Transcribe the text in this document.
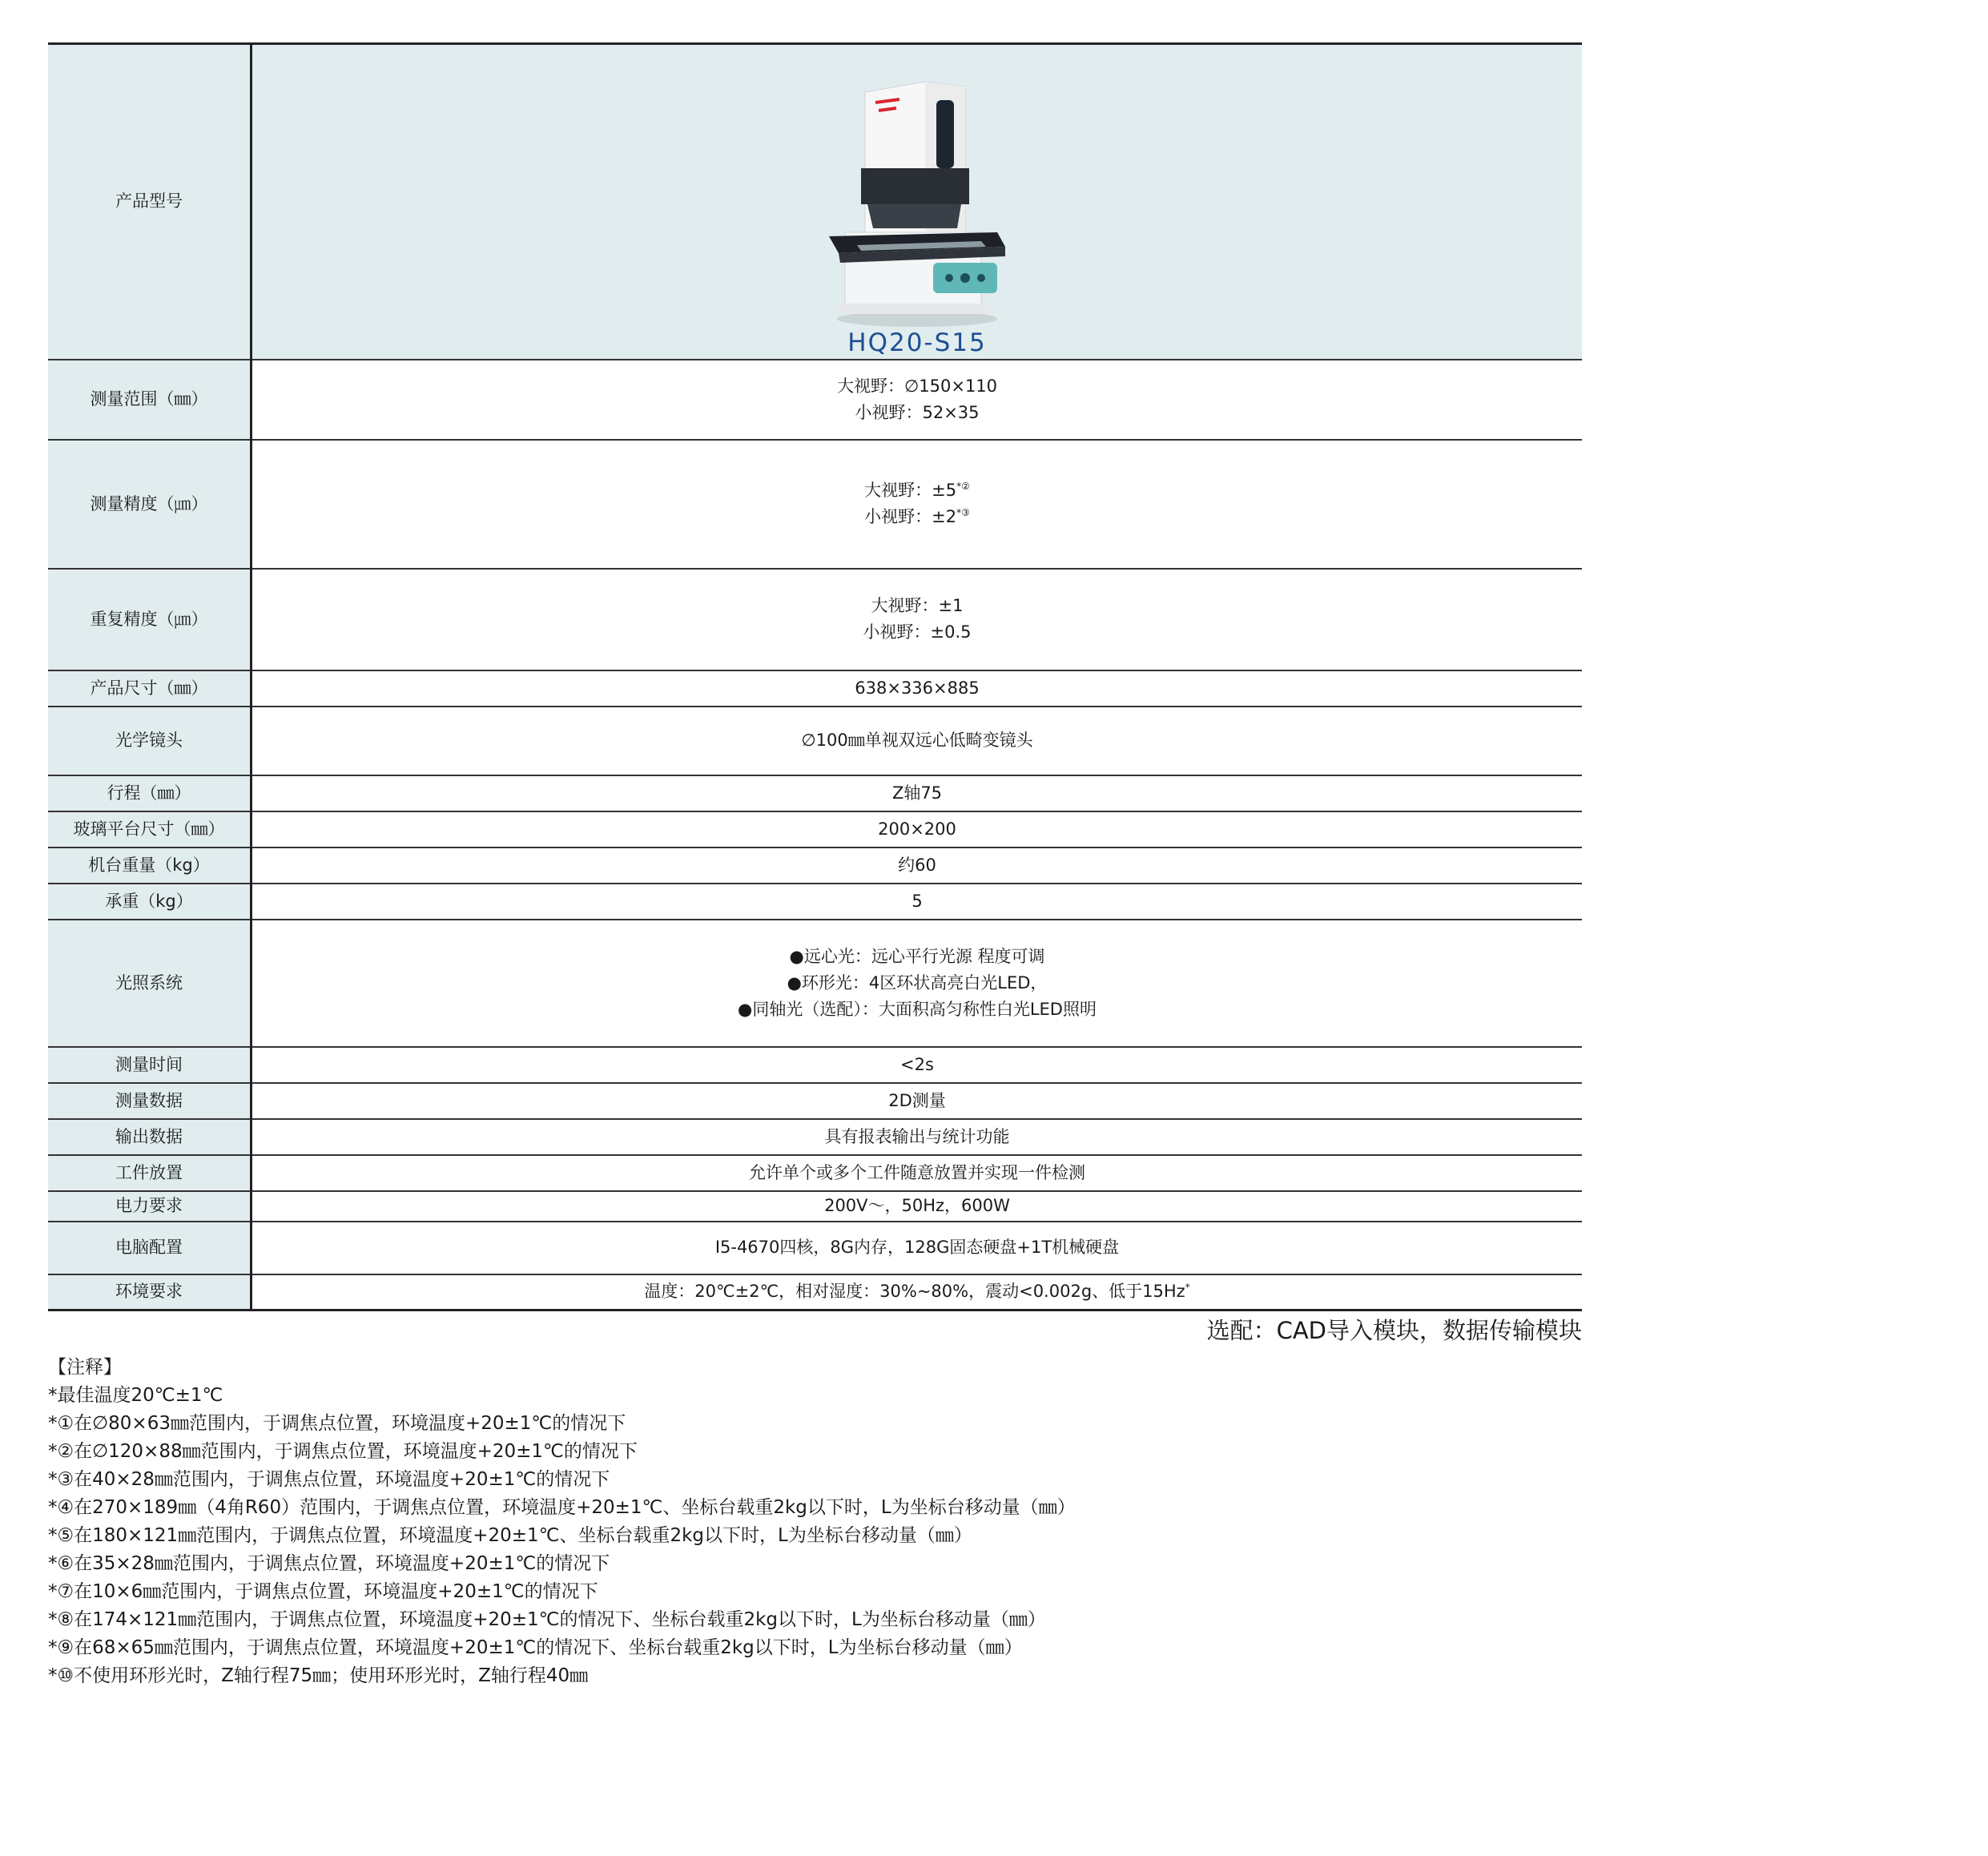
产品型号	HQ20-S15

测量范围（㎜）	大视野：∅150×110
小视野：52×35

测量精度（㎛）	大视野：±5*②
小视野：±2*③

重复精度（㎛）	大视野：±1
小视野：±0.5

产品尺寸（㎜）	638×336×885

光学镜头	∅100㎜单视双远心低畸变镜头

行程（㎜）	Z轴75

玻璃平台尺寸（㎜）	200×200

机台重量（kg）	约60

承重（kg）	5

光照系统	●远心光：远心平行光源 程度可调
●环形光：4区环状高亮白光LED，
●同轴光（选配）：大面积高匀称性白光LED照明

测量时间	<2s

测量数据	2D测量

输出数据	具有报表输出与统计功能

工件放置	允许单个或多个工件随意放置并实现一件检测

电力要求	200V～，50Hz，600W

电脑配置	I5-4670四核，8G内存，128G固态硬盘+1T机械硬盘

环境要求	温度：20℃±2℃，相对湿度：30%~80%，震动<0.002g、低于15Hz*
选配：CAD导入模块，数据传输模块
【注释】
*最佳温度20℃±1℃
*①在∅80×63㎜范围内，于调焦点位置，环境温度+20±1℃的情况下
*②在∅120×88㎜范围内，于调焦点位置，环境温度+20±1℃的情况下
*③在40×28㎜范围内，于调焦点位置，环境温度+20±1℃的情况下
*④在270×189㎜（4角R60）范围内，于调焦点位置，环境温度+20±1℃、坐标台载重2kg以下时，L为坐标台移动量（㎜）
*⑤在180×121㎜范围内，于调焦点位置，环境温度+20±1℃、坐标台载重2kg以下时，L为坐标台移动量（㎜）
*⑥在35×28㎜范围内，于调焦点位置，环境温度+20±1℃的情况下
*⑦在10×6㎜范围内，于调焦点位置，环境温度+20±1℃的情况下
*⑧在174×121㎜范围内，于调焦点位置，环境温度+20±1℃的情况下、坐标台载重2kg以下时，L为坐标台移动量（㎜）
*⑨在68×65㎜范围内，于调焦点位置，环境温度+20±1℃的情况下、坐标台载重2kg以下时，L为坐标台移动量（㎜）
*⑩不使用环形光时，Z轴行程75㎜；使用环形光时，Z轴行程40㎜
